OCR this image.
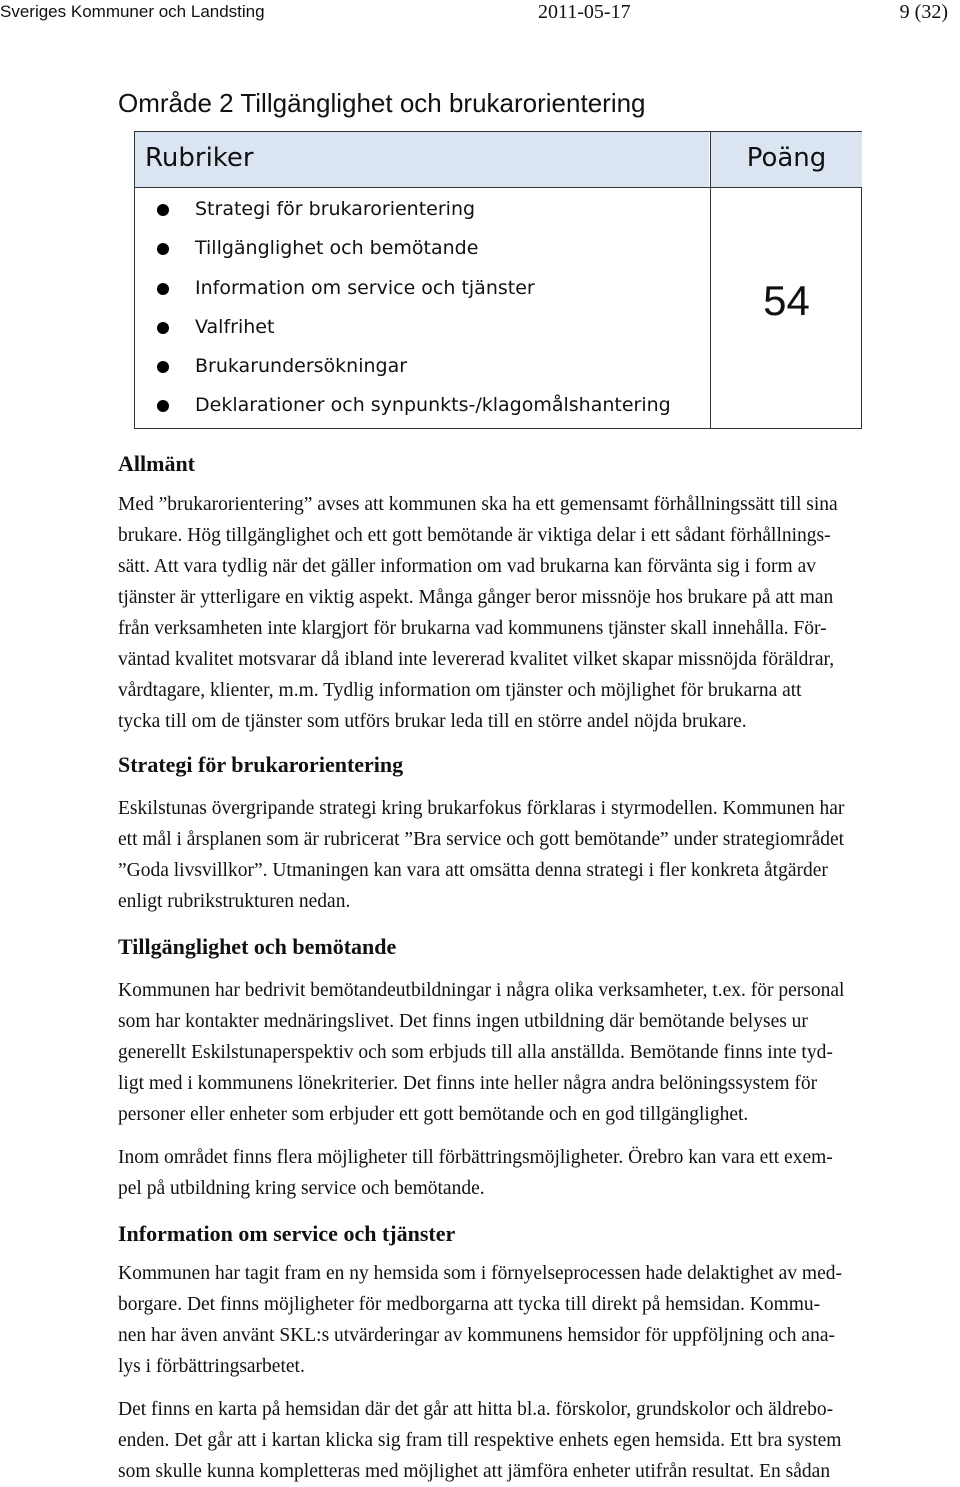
Sveriges Kommuner och Landsting	2011-05-17	9 (32)
Område 2 Tillgänglighet och brukarorientering
Rubriker	Poäng
Strategi för brukarorientering
Tillgänglighet och bemötande
Information om service och tjänster
Valfrihet
Brukarundersökningar
Deklarationer och synpunkts-/klagomålshantering
54
Allmänt

Med ”brukarorientering” avses att kommunen ska ha ett gemensamt förhållningssätt till sina
brukare. Hög tillgänglighet och ett gott bemötande är viktiga delar i ett sådant förhållnings-
sätt. Att vara tydlig när det gäller information om vad brukarna kan förvänta sig i form av
tjänster är ytterligare en viktig aspekt. Många gånger beror missnöje hos brukare på att man
från verksamheten inte klargjort för brukarna vad kommunens tjänster skall innehålla. För-
väntad kvalitet motsvarar då ibland inte levererad kvalitet vilket skapar missnöjda föräldrar,
vårdtagare, klienter, m.m. Tydlig information om tjänster och möjlighet för brukarna att
tycka till om de tjänster som utförs brukar leda till en större andel nöjda brukare.

Strategi för brukarorientering

Eskilstunas övergripande strategi kring brukarfokus förklaras i styrmodellen. Kommunen har
ett mål i årsplanen som är rubricerat ”Bra service och gott bemötande” under strategiområdet
”Goda livsvillkor”. Utmaningen kan vara att omsätta denna strategi i fler konkreta åtgärder
enligt rubrikstrukturen nedan.

Tillgänglighet och bemötande

Kommunen har bedrivit bemötandeutbildningar i några olika verksamheter, t.ex. för personal
som har kontakter mednäringslivet. Det finns ingen utbildning där bemötande belyses ur
generellt Eskilstunaperspektiv och som erbjuds till alla anställda. Bemötande finns inte tyd-
ligt med i kommunens lönekriterier. Det finns inte heller några andra belöningssystem för
personer eller enheter som erbjuder ett gott bemötande och en god tillgänglighet.

Inom området finns flera möjligheter till förbättringsmöjligheter. Örebro kan vara ett exem-
pel på utbildning kring service och bemötande.

Information om service och tjänster

Kommunen har tagit fram en ny hemsida som i förnyelseprocessen hade delaktighet av med-
borgare. Det finns möjligheter för medborgarna att tycka till direkt på hemsidan. Kommu-
nen har även använt SKL:s utvärderingar av kommunens hemsidor för uppföljning och ana-
lys i förbättringsarbetet.

Det finns en karta på hemsidan där det går att hitta bl.a. förskolor, grundskolor och äldrebo-
enden. Det går att i kartan klicka sig fram till respektive enhets egen hemsida. Ett bra system
som skulle kunna kompletteras med möjlighet att jämföra enheter utifrån resultat. En sådan
